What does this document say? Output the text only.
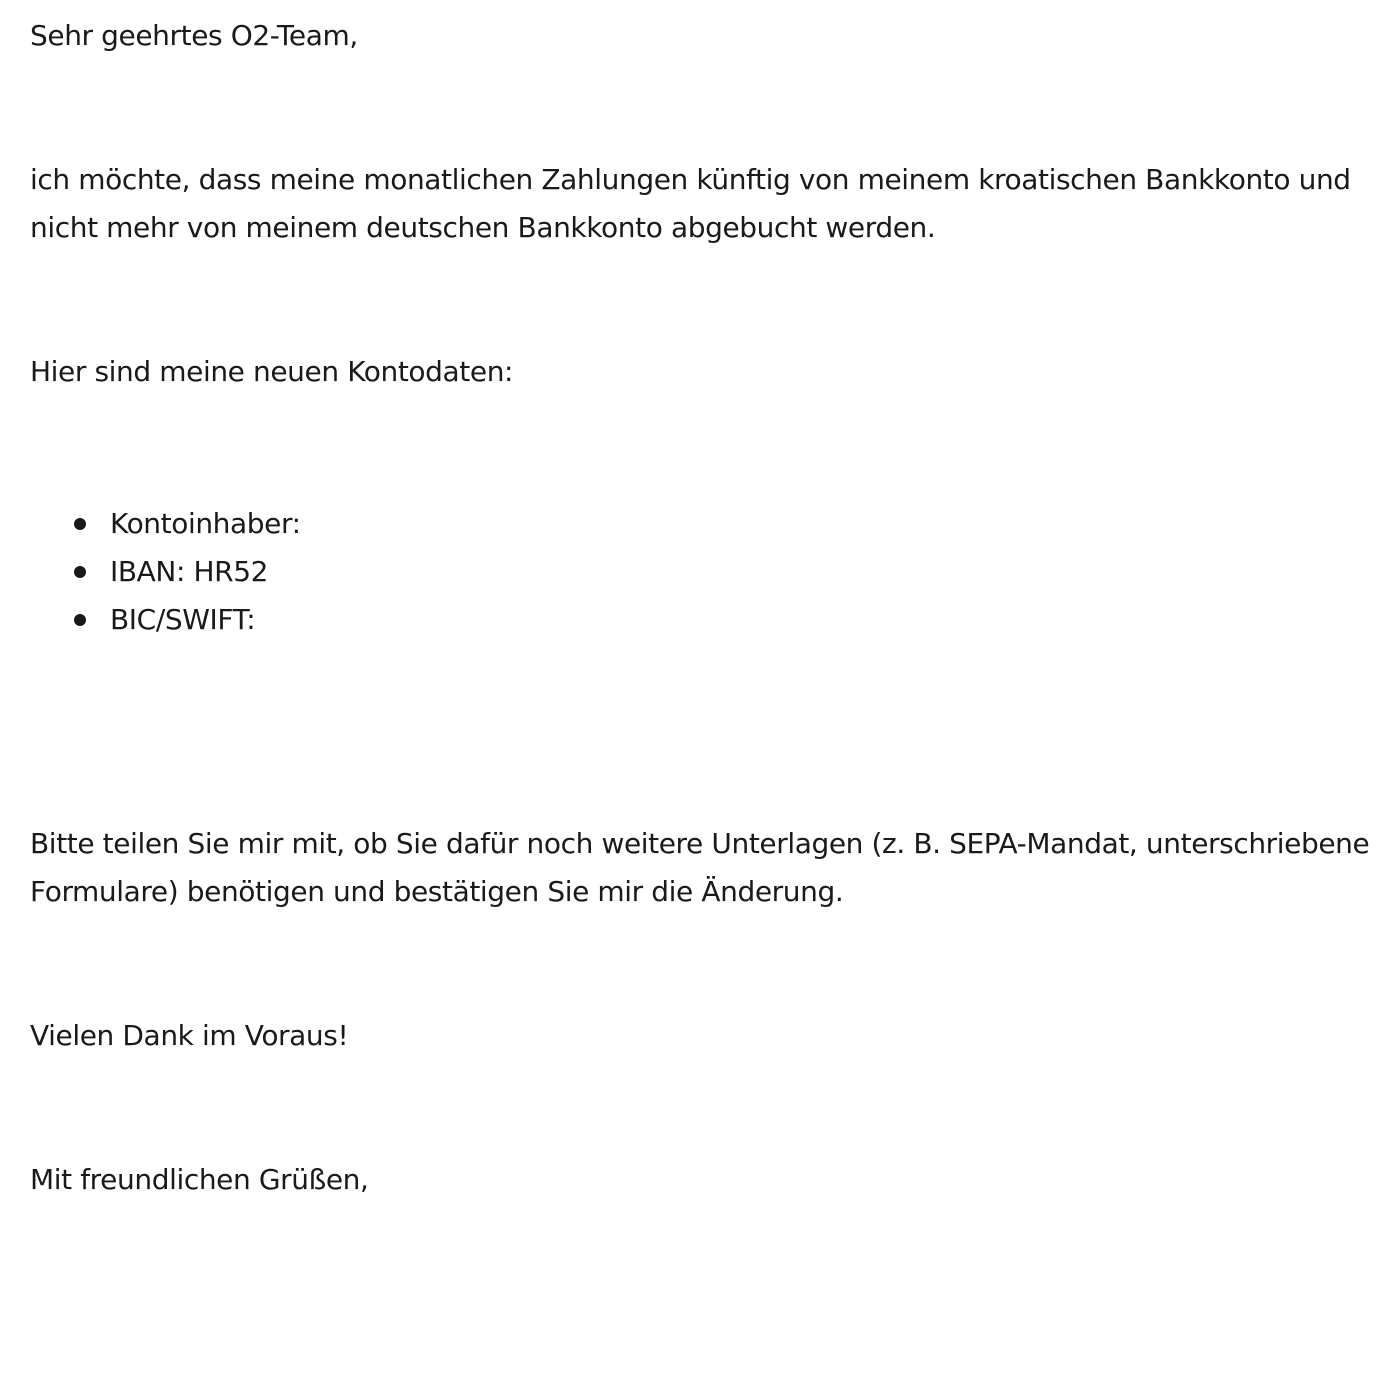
Sehr geehrtes O2-Team,

ich möchte, dass meine monatlichen Zahlungen künftig von meinem kroatischen Bankkonto und
nicht mehr von meinem deutschen Bankkonto abgebucht werden.

Hier sind meine neuen Kontodaten:

Kontoinhaber:
IBAN: HR52
BIC/SWIFT:

Bitte teilen Sie mir mit, ob Sie dafür noch weitere Unterlagen (z. B. SEPA-Mandat, unterschriebene
Formulare) benötigen und bestätigen Sie mir die Änderung.

Vielen Dank im Voraus!

Mit freundlichen Grüßen,
